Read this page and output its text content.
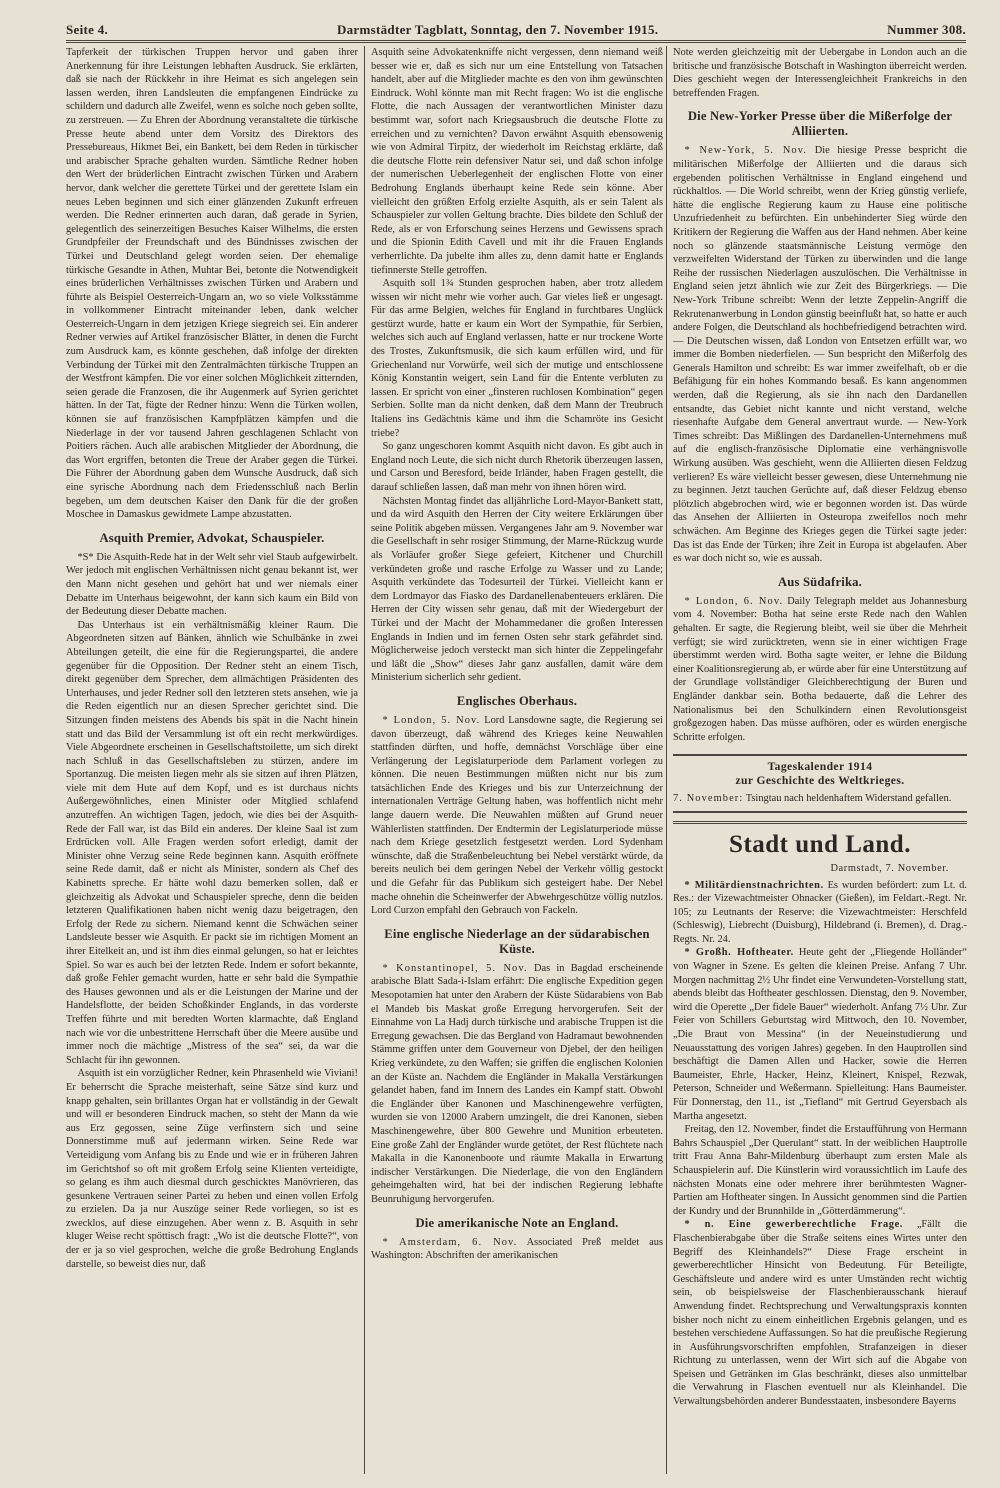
Seite 4.	Darmstädter Tagblatt, Sonntag, den 7. November 1915.	Nummer 308.

Tapferkeit der türkischen Truppen hervor und gaben ihrer Anerkennung für ihre Leistungen lebhaften Ausdruck. Sie erklärten, daß sie nach der Rückkehr in ihre Heimat es sich angelegen sein lassen werden, ihren Landsleuten die empfangenen Eindrücke zu schildern und dadurch alle Zweifel, wenn es solche noch geben sollte, zu zerstreuen. — Zu Ehren der Abordnung veranstaltete die türkische Presse heute abend unter dem Vorsitz des Direktors des Pressebureaus, Hikmet Bei, ein Bankett, bei dem Reden in türkischer und arabischer Sprache gehalten wurden. Sämtliche Redner hoben den Wert der brüderlichen Eintracht zwischen Türken und Arabern hervor, dank welcher die gerettete Türkei und der gerettete Islam ein neues Leben beginnen und sich einer glänzenden Zukunft erfreuen werden. Die Redner erinnerten auch daran, daß gerade in Syrien, gelegentlich des seinerzeitigen Besuches Kaiser Wilhelms, die ersten Grundpfeiler der Freundschaft und des Bündnisses zwischen der Türkei und Deutschland gelegt worden seien. Der ehemalige türkische Gesandte in Athen, Muhtar Bei, betonte die Notwendigkeit eines brüderlichen Verhältnisses zwischen Türken und Arabern und führte als Beispiel Oesterreich-Ungarn an, wo so viele Volksstämme in vollkommener Eintracht miteinander leben, dank welcher Oesterreich-Ungarn in dem jetzigen Kriege siegreich sei. Ein anderer Redner verwies auf Artikel französischer Blätter, in denen die Furcht zum Ausdruck kam, es könnte geschehen, daß infolge der direkten Verbindung der Türkei mit den Zentralmächten türkische Truppen an der Westfront kämpfen. Die vor einer solchen Möglichkeit zitternden, seien gerade die Franzosen, die ihr Augenmerk auf Syrien gerichtet hätten. In der Tat, fügte der Redner hinzu: Wenn die Türken wollen, können sie auf französischen Kampfplätzen kämpfen und die Niederlage in der vor tausend Jahren geschlagenen Schlacht von Poitiers rächen. Auch alle arabischen Mitglieder der Abordnung, die das Wort ergriffen, betonten die Treue der Araber gegen die Türkei. Die Führer der Abordnung gaben dem Wunsche Ausdruck, daß sich eine syrische Abordnung nach dem Friedensschluß nach Berlin begeben, um dem deutschen Kaiser den Dank für die der großen Moschee in Damaskus gewidmete Lampe abzustatten.

Asquith Premier, Advokat, Schauspieler.

*S* Die Asquith-Rede hat in der Welt sehr viel Staub aufgewirbelt. Wer jedoch mit englischen Verhältnissen nicht genau bekannt ist, wer den Mann nicht gesehen und gehört hat und wer niemals einer Debatte im Unterhaus beigewohnt, der kann sich kaum ein Bild von der Bedeutung dieser Debatte machen.

Das Unterhaus ist ein verhältnismäßig kleiner Raum. Die Abgeordneten sitzen auf Bänken, ähnlich wie Schulbänke in zwei Abteilungen geteilt, die eine für die Regierungspartei, die andere gegenüber für die Opposition. Der Redner steht an einem Tisch, direkt gegenüber dem Sprecher, dem allmächtigen Präsidenten des Unterhauses, und jeder Redner soll den letzteren stets ansehen, wie ja die Reden eigentlich nur an diesen Sprecher gerichtet sind. Die Sitzungen finden meistens des Abends bis spät in die Nacht hinein statt und das Bild der Versammlung ist oft ein recht merkwürdiges. Viele Abgeordnete erscheinen in Gesellschaftstoilette, um sich direkt nach Schluß in das Gesellschaftsleben zu stürzen, andere im Sportanzug. Die meisten liegen mehr als sie sitzen auf ihren Plätzen, viele mit dem Hute auf dem Kopf, und es ist durchaus nichts Außergewöhnliches, einen Minister oder Mitglied schlafend anzutreffen. An wichtigen Tagen, jedoch, wie dies bei der Asquith-Rede der Fall war, ist das Bild ein anderes. Der kleine Saal ist zum Erdrücken voll. Alle Fragen werden sofort erledigt, damit der Minister ohne Verzug seine Rede beginnen kann. Asquith eröffnete seine Rede damit, daß er nicht als Minister, sondern als Chef des Kabinetts spreche. Er hätte wohl dazu bemerken sollen, daß er gleichzeitig als Advokat und Schauspieler spreche, denn die beiden letzteren Qualifikationen haben nicht wenig dazu beigetragen, den Erfolg der Rede zu sichern. Niemand kennt die Schwächen seiner Landsleute besser wie Asquith. Er packt sie im richtigen Moment an ihrer Eitelkeit an, und ist ihm dies einmal gelungen, so hat er leichtes Spiel. So war es auch bei der letzten Rede. Indem er sofort bekannte, daß große Fehler gemacht wurden, hatte er sehr bald die Sympathie des Hauses gewonnen und als er die Leistungen der Marine und der Handelsflotte, der beiden Schoßkinder Englands, in das vorderste Treffen führte und mit beredten Worten klarmachte, daß England nach wie vor die unbestrittene Herrschaft über die Meere ausübe und immer noch die mächtige „Mistress of the sea“ sei, da war die Schlacht für ihn gewonnen.

Asquith ist ein vorzüglicher Redner, kein Phrasenheld wie Viviani! Er beherrscht die Sprache meisterhaft, seine Sätze sind kurz und knapp gehalten, sein brillantes Organ hat er vollständig in der Gewalt und will er besonderen Eindruck machen, so steht der Mann da wie aus Erz gegossen, seine Züge verfinstern sich und seine Donnerstimme muß auf jedermann wirken. Seine Rede war Verteidigung vom Anfang bis zu Ende und wie er in früheren Jahren im Gerichtshof so oft mit großem Erfolg seine Klienten verteidigte, so gelang es ihm auch diesmal durch geschicktes Manövrieren, das gesunkene Vertrauen seiner Partei zu heben und einen vollen Erfolg zu erzielen. Da ja nur Auszüge seiner Rede vorliegen, so ist es zwecklos, auf diese einzugehen. Aber wenn z. B. Asquith in sehr kluger Weise recht spöttisch fragt: „Wo ist die deutsche Flotte?“, von der er ja so viel gesprochen, welche die große Bedrohung Englands darstelle, so beweist dies nur, daß

Asquith seine Advokatenkniffe nicht vergessen, denn niemand weiß besser wie er, daß es sich nur um eine Entstellung von Tatsachen handelt, aber auf die Mitglieder machte es den von ihm gewünschten Eindruck. Wohl könnte man mit Recht fragen: Wo ist die englische Flotte, die nach Aussagen der verantwortlichen Minister dazu bestimmt war, sofort nach Kriegsausbruch die deutsche Flotte zu erreichen und zu vernichten? Davon erwähnt Asquith ebensowenig wie von Admiral Tirpitz, der wiederholt im Reichstag erklärte, daß die deutsche Flotte rein defensiver Natur sei, und daß schon infolge der numerischen Ueberlegenheit der englischen Flotte von einer Bedrohung Englands überhaupt keine Rede sein könne. Aber vielleicht den größten Erfolg erzielte Asquith, als er sein Talent als Schauspieler zur vollen Geltung brachte. Dies bildete den Schluß der Rede, als er von Erforschung seines Herzens und Gewissens sprach und die Spionin Edith Cavell und mit ihr die Frauen Englands verherrlichte. Da jubelte ihm alles zu, denn damit hatte er Englands tiefinnerste Stelle getroffen.

Asquith soll 1¾ Stunden gesprochen haben, aber trotz alledem wissen wir nicht mehr wie vorher auch. Gar vieles ließ er ungesagt. Für das arme Belgien, welches für England in furchtbares Unglück gestürzt wurde, hatte er kaum ein Wort der Sympathie, für Serbien, welches sich auch auf England verlassen, hatte er nur trockene Worte des Trostes, Zukunftsmusik, die sich kaum erfüllen wird, und für Griechenland nur Vorwürfe, weil sich der mutige und entschlossene König Konstantin weigert, sein Land für die Entente verbluten zu lassen. Er spricht von einer „finsteren ruchlosen Kombination“ gegen Serbien. Sollte man da nicht denken, daß dem Mann der Treubruch Italiens ins Gedächtnis käme und ihm die Schamröte ins Gesicht triebe?

So ganz ungeschoren kommt Asquith nicht davon. Es gibt auch in England noch Leute, die sich nicht durch Rhetorik überzeugen lassen, und Carson und Beresford, beide Irländer, haben Fragen gestellt, die darauf schließen lassen, daß man mehr von ihnen hören wird.

Nächsten Montag findet das alljährliche Lord-Mayor-Bankett statt, und da wird Asquith den Herren der City weitere Erklärungen über seine Politik abgeben müssen. Vergangenes Jahr am 9. November war die Gesellschaft in sehr rosiger Stimmung, der Marne-Rückzug wurde als Vorläufer großer Siege gefeiert, Kitchener und Churchill verkündeten große und rasche Erfolge zu Wasser und zu Lande; Asquith verkündete das Todesurteil der Türkei. Vielleicht kann er dem Lordmayor das Fiasko des Dardanellenabenteuers erklären. Die Herren der City wissen sehr genau, daß mit der Wiedergeburt der Türkei und der Macht der Mohammedaner die großen Interessen Englands in Indien und im fernen Osten sehr stark gefährdet sind. Möglicherweise jedoch versteckt man sich hinter die Zeppelingefahr und läßt die „Show“ dieses Jahr ganz ausfallen, damit wäre dem Ministerium sicherlich sehr gedient.

Englisches Oberhaus.

* London, 5. Nov. Lord Lansdowne sagte, die Regierung sei davon überzeugt, daß während des Krieges keine Neuwahlen stattfinden dürften, und hoffe, demnächst Vorschläge über eine Verlängerung der Legislaturperiode dem Parlament vorlegen zu können. Die neuen Bestimmungen müßten nicht nur bis zum tatsächlichen Ende des Krieges und bis zur Unterzeichnung der internationalen Verträge Geltung haben, was hoffentlich nicht mehr lange dauern werde. Die Neuwahlen müßten auf Grund neuer Wählerlisten stattfinden. Der Endtermin der Legislaturperiode müsse nach dem Kriege gesetzlich festgesetzt werden. Lord Sydenham wünschte, daß die Straßenbeleuchtung bei Nebel verstärkt würde, da bereits neulich bei dem geringen Nebel der Verkehr völlig gestockt und die Gefahr für das Publikum sich gesteigert habe. Der Nebel mache ohnehin die Scheinwerfer der Abwehrgeschütze völlig nutzlos. Lord Curzon empfahl den Gebrauch von Fackeln.

Eine englische Niederlage an der südarabischen Küste.

* Konstantinopel, 5. Nov. Das in Bagdad erscheinende arabische Blatt Sada-i-Islam erfährt: Die englische Expedition gegen Mesopotamien hat unter den Arabern der Küste Südarabiens von Bab el Mandeb bis Maskat große Erregung hervorgerufen. Seit der Einnahme von La Hadj durch türkische und arabische Truppen ist die Erregung gewachsen. Die das Bergland von Hadramaut bewohnenden Stämme griffen unter dem Gouverneur von Djebel, der den heiligen Krieg verkündete, zu den Waffen; sie griffen die englischen Kolonien an der Küste an. Nachdem die Engländer in Makalla Verstärkungen gelandet haben, fand im Innern des Landes ein Kampf statt. Obwohl die Engländer über Kanonen und Maschinengewehre verfügten, wurden sie von 12000 Arabern umzingelt, die drei Kanonen, sieben Maschinengewehre, über 800 Gewehre und Munition erbeuteten. Eine große Zahl der Engländer wurde getötet, der Rest flüchtete nach Makalla in die Kanonenboote und räumte Makalla in Erwartung indischer Verstärkungen. Die Niederlage, die von den Engländern geheimgehalten wird, hat bei der indischen Regierung lebhafte Beunruhigung hervorgerufen.

Die amerikanische Note an England.

* Amsterdam, 6. Nov. Associated Preß meldet aus Washington: Abschriften der amerikanischen

Note werden gleichzeitig mit der Uebergabe in London auch an die britische und französische Botschaft in Washington überreicht werden. Dies geschieht wegen der Interessengleichheit Frankreichs in den betreffenden Fragen.

Die New-Yorker Presse über die Mißerfolge der Alliierten.

* New-York, 5. Nov. Die hiesige Presse bespricht die militärischen Mißerfolge der Alliierten und die daraus sich ergebenden politischen Verhältnisse in England eingehend und rückhaltlos. — Die World schreibt, wenn der Krieg günstig verliefe, hätte die englische Regierung kaum zu Hause eine politische Unzufriedenheit zu befürchten. Ein unbehinderter Sieg würde den Kritikern der Regierung die Waffen aus der Hand nehmen. Aber keine noch so glänzende staatsmännische Leistung vermöge den verzweifelten Widerstand der Türken zu überwinden und die lange Reihe der russischen Niederlagen auszulöschen. Die Verhältnisse in England seien jetzt ähnlich wie zur Zeit des Bürgerkriegs. — Die New-York Tribune schreibt: Wenn der letzte Zeppelin-Angriff die Rekrutenanwerbung in London günstig beeinflußt hat, so hatte er auch andere Folgen, die Deutschland als hochbefriedigend betrachten wird. — Die Deutschen wissen, daß London von Entsetzen erfüllt war, wo immer die Bomben niederfielen. — Sun bespricht den Mißerfolg des Generals Hamilton und schreibt: Es war immer zweifelhaft, ob er die Befähigung für ein hohes Kommando besaß. Es kann angenommen werden, daß die Regierung, als sie ihn nach den Dardanellen entsandte, das Gebiet nicht kannte und nicht verstand, welche riesenhafte Aufgabe dem General anvertraut wurde. — New-York Times schreibt: Das Mißlingen des Dardanellen-Unternehmens muß auf die englisch-französische Diplomatie eine verhängnisvolle Wirkung ausüben. Was geschieht, wenn die Alliierten diesen Feldzug verlieren? Es wäre vielleicht besser gewesen, diese Unternehmung nie zu beginnen. Jetzt tauchen Gerüchte auf, daß dieser Feldzug ebenso plötzlich abgebrochen wird, wie er begonnen worden ist. Das würde das Ansehen der Alliierten in Osteuropa zweifellos noch mehr schwächen. Am Beginne des Krieges gegen die Türkei sagte jeder: Das ist das Ende der Türken; ihre Zeit in Europa ist abgelaufen. Aber es war doch nicht so, wie es aussah.

Aus Südafrika.

* London, 6. Nov. Daily Telegraph meldet aus Johannesburg vom 4. November: Botha hat seine erste Rede nach den Wahlen gehalten. Er sagte, die Regierung bleibt, weil sie über die Mehrheit verfügt; sie wird zurücktreten, wenn sie in einer wichtigen Frage überstimmt werden wird. Botha sagte weiter, er lehne die Bildung einer Koalitionsregierung ab, er würde aber für eine Unterstützung auf der Grundlage vollständiger Gleichberechtigung der Buren und Engländer dankbar sein. Botha bedauerte, daß die Lehrer des Nationalismus bei den Schulkindern einen Revolutionsgeist großgezogen haben. Das müsse aufhören, oder es würden energische Schritte erfolgen.

Tageskalender 1914
zur Geschichte des Weltkrieges.
7. November: Tsingtau nach heldenhaftem Widerstand gefallen.
Stadt und Land.
Darmstadt, 7. November.

* Militärdienstnachrichten. Es wurden befördert: zum Lt. d. Res.: der Vizewachtmeister Ohnacker (Gießen), im Feldart.-Regt. Nr. 105; zu Leutnants der Reserve: die Vizewachtmeister: Herschfeld (Schleswig), Liebrecht (Duisburg), Hildebrand (i. Bremen), d. Drag.-Regts. Nr. 24.

* Großh. Hoftheater. Heute geht der „Fliegende Holländer“ von Wagner in Szene. Es gelten die kleinen Preise. Anfang 7 Uhr. Morgen nachmittag 2½ Uhr findet eine Verwundeten-Vorstellung statt, abends bleibt das Hoftheater geschlossen. Dienstag, den 9. November, wird die Operette „Der fidele Bauer“ wiederholt. Anfang 7½ Uhr. Zur Feier von Schillers Geburtstag wird Mittwoch, den 10. November, „Die Braut von Messina“ (in der Neueinstudierung und Neuausstattung des vorigen Jahres) gegeben. In den Hauptrollen sind beschäftigt die Damen Allen und Hacker, sowie die Herren Baumeister, Ehrle, Hacker, Heinz, Kleinert, Knispel, Rezwak, Peterson, Schneider und Weßermann. Spielleitung: Hans Baumeister. Für Donnerstag, den 11., ist „Tiefland“ mit Gertrud Geyersbach als Martha angesetzt.

Freitag, den 12. November, findet die Erstaufführung von Hermann Bahrs Schauspiel „Der Querulant“ statt. In der weiblichen Hauptrolle tritt Frau Anna Bahr-Mildenburg überhaupt zum ersten Male als Schauspielerin auf. Die Künstlerin wird voraussichtlich im Laufe des nächsten Monats eine oder mehrere ihrer berühmtesten Wagner-Partien am Hoftheater singen. In Aussicht genommen sind die Partien der Kundry und der Brunnhilde in „Götterdämmerung“.

* n. Eine gewerberechtliche Frage. „Fällt die Flaschenbierabgabe über die Straße seitens eines Wirtes unter den Begriff des Kleinhandels?“ Diese Frage erscheint in gewerberechtlicher Hinsicht von Bedeutung. Für Beteiligte, Geschäftsleute und andere wird es unter Umständen recht wichtig sein, ob beispielsweise der Flaschenbierausschank hierauf Anwendung findet. Rechtsprechung und Verwaltungspraxis konnten bisher noch nicht zu einem einheitlichen Ergebnis gelangen, und es bestehen verschiedene Auffassungen. So hat die preußische Regierung in Ausführungsvorschriften empfohlen, Strafanzeigen in dieser Richtung zu unterlassen, wenn der Wirt sich auf die Abgabe von Speisen und Getränken im Glas beschränkt, dieses also unmittelbar die Verwahrung in Flaschen eventuell nur als Kleinhandel. Die Verwaltungsbehörden anderer Bundesstaaten, insbesondere Bayerns
